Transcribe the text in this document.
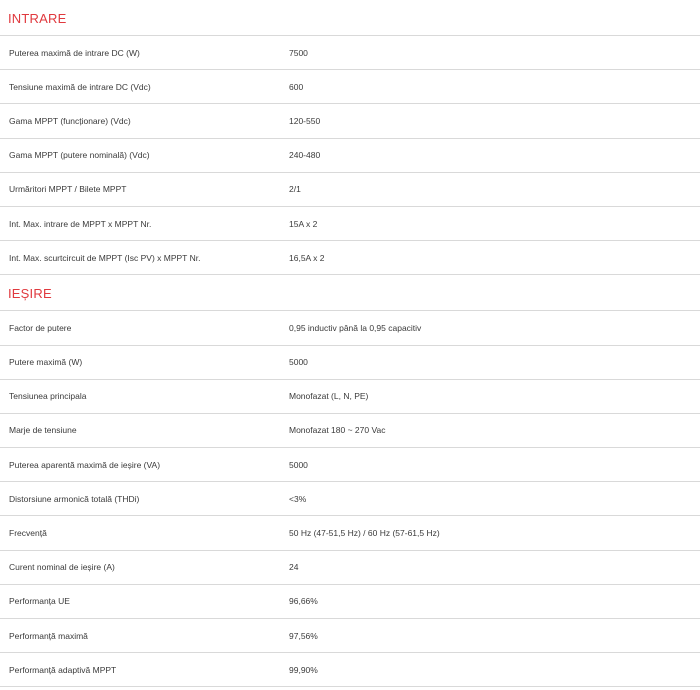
INTRARE
Puterea maximă de intrare DC (W)	7500
Tensiune maximă de intrare DC (Vdc)	600
Gama MPPT (funcționare) (Vdc)	120-550
Gama MPPT (putere nominală) (Vdc)	240-480
Urmăritori MPPT / Bilete MPPT	2/1
Int. Max. intrare de MPPT x MPPT Nr.	15A x 2
Int. Max. scurtcircuit de MPPT (Isc PV) x MPPT Nr.	16,5A x 2
IEȘIRE
Factor de putere	0,95 inductiv până la 0,95 capacitiv
Putere maximă (W)	5000
Tensiunea principala	Monofazat (L, N, PE)
Marje de tensiune	Monofazat 180 ~ 270 Vac
Puterea aparentă maximă de ieșire (VA)	5000
Distorsiune armonică totală (THDi)	<3%
Frecvență	50 Hz (47-51,5 Hz) / 60 Hz (57-61,5 Hz)
Curent nominal de ieșire (A)	24
Performanța UE	96,66%
Performanță maximă	97,56%
Performanță adaptivă MPPT	99,90%
